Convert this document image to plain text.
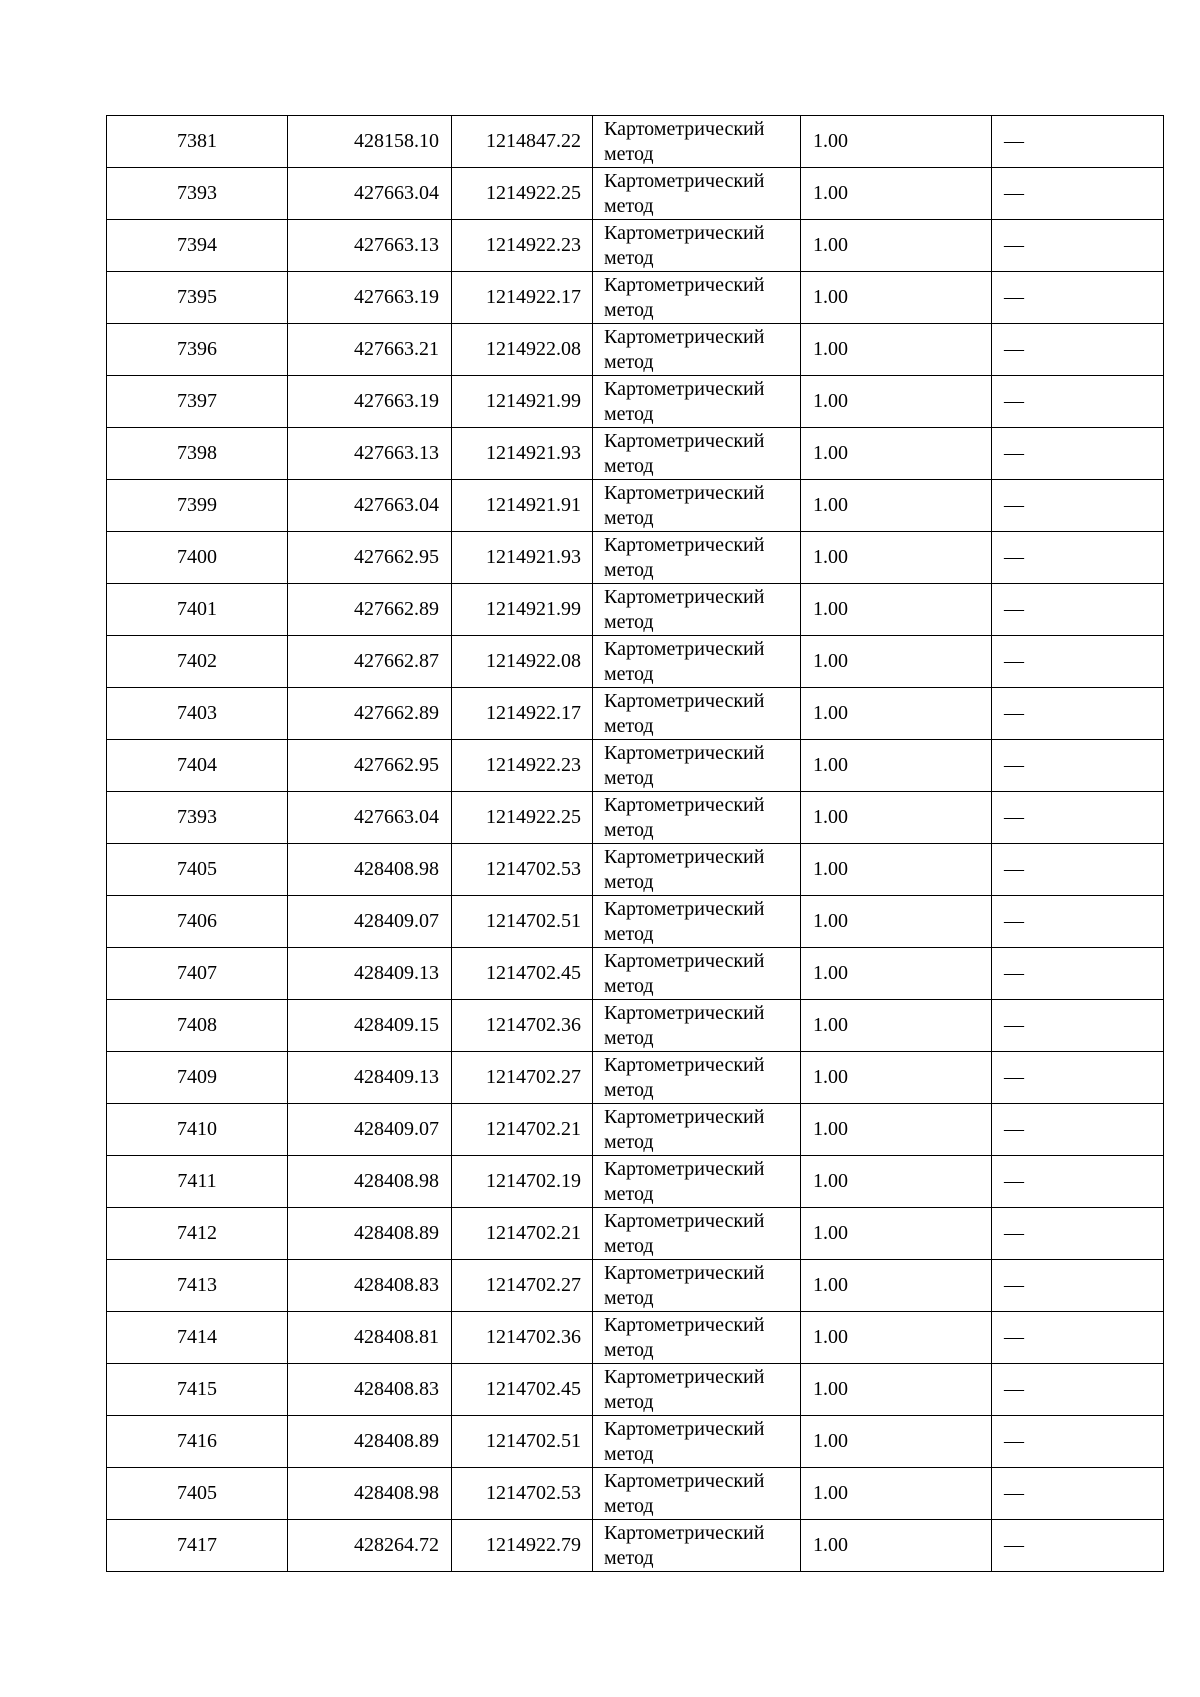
7381	428158.10	1214847.22	Картометрический метод	1.00	—
7393	427663.04	1214922.25	Картометрический метод	1.00	—
7394	427663.13	1214922.23	Картометрический метод	1.00	—
7395	427663.19	1214922.17	Картометрический метод	1.00	—
7396	427663.21	1214922.08	Картометрический метод	1.00	—
7397	427663.19	1214921.99	Картометрический метод	1.00	—
7398	427663.13	1214921.93	Картометрический метод	1.00	—
7399	427663.04	1214921.91	Картометрический метод	1.00	—
7400	427662.95	1214921.93	Картометрический метод	1.00	—
7401	427662.89	1214921.99	Картометрический метод	1.00	—
7402	427662.87	1214922.08	Картометрический метод	1.00	—
7403	427662.89	1214922.17	Картометрический метод	1.00	—
7404	427662.95	1214922.23	Картометрический метод	1.00	—
7393	427663.04	1214922.25	Картометрический метод	1.00	—
7405	428408.98	1214702.53	Картометрический метод	1.00	—
7406	428409.07	1214702.51	Картометрический метод	1.00	—
7407	428409.13	1214702.45	Картометрический метод	1.00	—
7408	428409.15	1214702.36	Картометрический метод	1.00	—
7409	428409.13	1214702.27	Картометрический метод	1.00	—
7410	428409.07	1214702.21	Картометрический метод	1.00	—
7411	428408.98	1214702.19	Картометрический метод	1.00	—
7412	428408.89	1214702.21	Картометрический метод	1.00	—
7413	428408.83	1214702.27	Картометрический метод	1.00	—
7414	428408.81	1214702.36	Картометрический метод	1.00	—
7415	428408.83	1214702.45	Картометрический метод	1.00	—
7416	428408.89	1214702.51	Картометрический метод	1.00	—
7405	428408.98	1214702.53	Картометрический метод	1.00	—
7417	428264.72	1214922.79	Картометрический метод	1.00	—
